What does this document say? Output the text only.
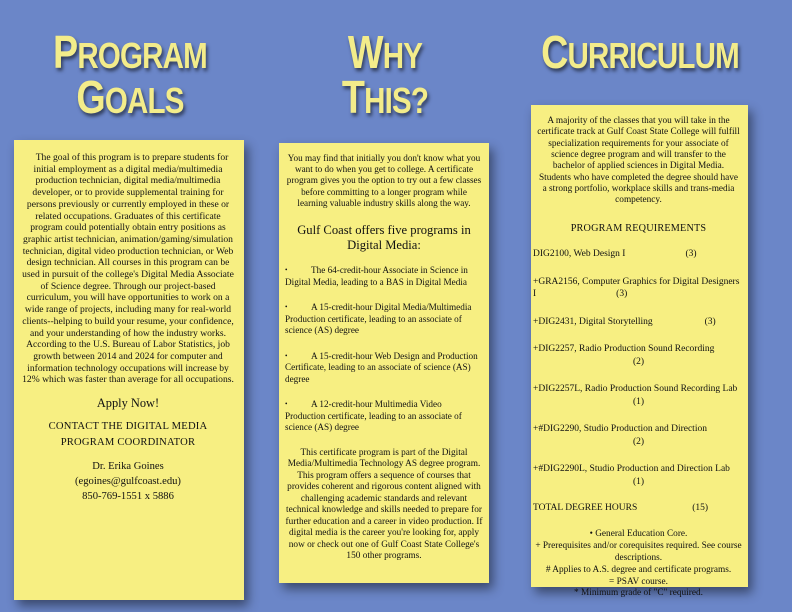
PROGRAM
GOALS
WHY
THIS?
CURRICULUM

The goal of this program is to prepare students for initial employment as a digital media/multimedia production technician, digital media/multimedia developer, or to provide supplemental training for persons previously or currently employed in these or related occupations. Graduates of this certificate program could potentially obtain entry positions as graphic artist technician, animation/gaming/simulation technician, digital video production technician, or Web design technician. All courses in this program can be used in pursuit of the college's Digital Media Associate of Science degree. Through our project-based curriculum, you will have opportunities to work on a wide range of projects, including many for real-world clients--helping to build your resume, your confidence, and your understanding of how the industry works. According to the U.S. Bureau of Labor Statistics, job growth between 2014 and 2024 for computer and information technology occupations will increase by 12% which was faster than average for all occupations.

Apply Now!
CONTACT THE DIGITAL MEDIA
PROGRAM COORDINATOR
Dr. Erika Goines
(egoines@gulfcoast.edu)
850-769-1551 x 5886

You may find that initially you don't know what you want to do when you get to college. A certificate program gives you the option to try out a few classes before committing to a longer program while learning valuable industry skills along the way.

Gulf Coast offers five programs in Digital Media:

•The 64-credit-hour Associate in Science in Digital Media, leading to a BAS in Digital Media

•A 15-credit-hour Digital Media/Multimedia Production certificate, leading to an associate of science (AS) degree

•A 15-credit-hour Web Design and Production Certificate, leading to an associate of science (AS) degree

•A 12-credit-hour Multimedia Video Production certificate, leading to an associate of science (AS) degree

This certificate program is part of the Digital Media/Multimedia Technology AS degree program. This program offers a sequence of courses that provides coherent and rigorous content aligned with challenging academic standards and relevant technical knowledge and skills needed to prepare for further education and a career in video production. If digital media is the career you're looking for, apply now or check out one of Gulf Coast State College's 150 other programs.

A majority of the classes that you will take in the certificate track at Gulf Coast State College will fulfill specialization requirements for your associate of science degree program and will transfer to the bachelor of applied sciences in Digital Media. Students who have completed the degree should have a strong portfolio, workplace skills and trans-media competency.

PROGRAM REQUIREMENTS

DIG2100, Web Design I	(3)

+GRA2156, Computer Graphics for Digital Designers I	(3)

+DIG2431, Digital Storytelling	(3)

+DIG2257, Radio Production Sound Recording
(2)

+DIG2257L, Radio Production Sound Recording Lab
(1)

+#DIG2290, Studio Production and Direction
(2)

+#DIG2290L, Studio Production and Direction Lab
(1)

TOTAL DEGREE HOURS	(15)

• General Education Core.
+ Prerequisites and/or corequisites required. See course descriptions.
# Applies to A.S. degree and certificate programs.
= PSAV course.
* Minimum grade of "C" required.
